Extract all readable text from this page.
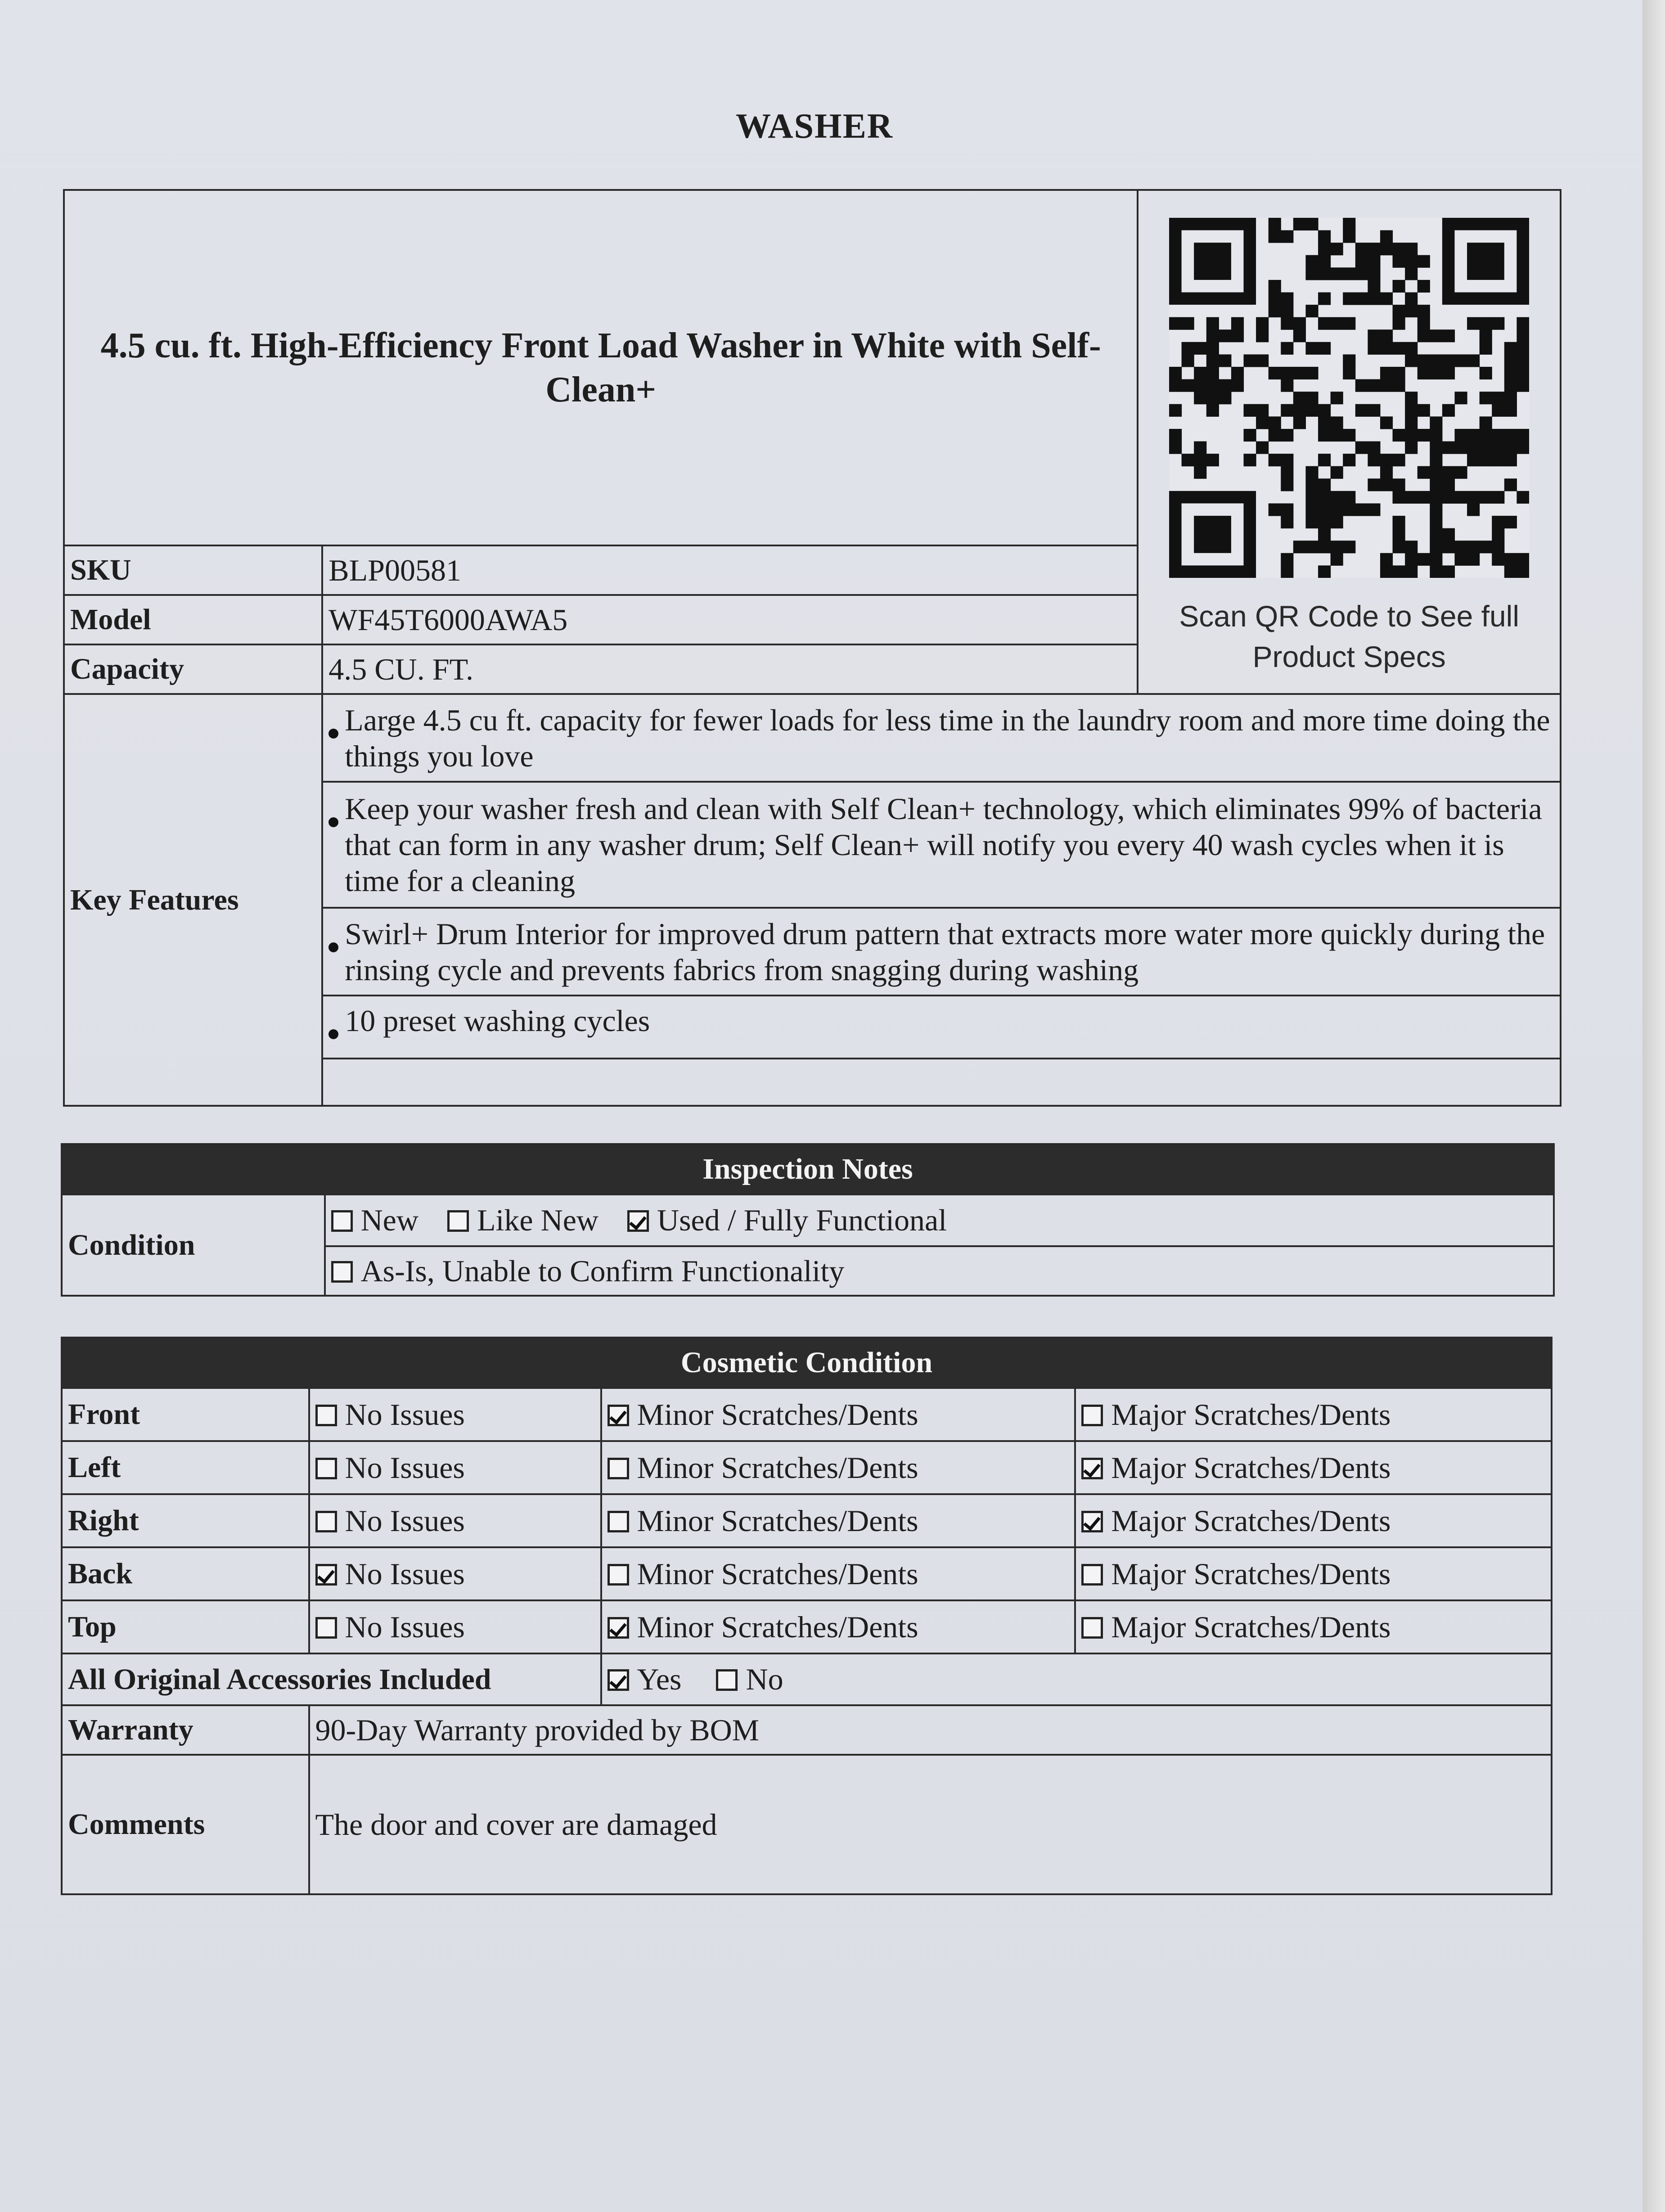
WASHER
4.5 cu. ft. High-Efficiency Front Load Washer in White with Self-Clean+		Scan QR Code to See full Product Specs

SKU	BLP00581	
Model	WF45T6000AWA5	
Capacity	4.5 CU. FT.	
Key Features	Large 4.5 cu ft. capacity for fewer loads for less time in the laundry room and more time doing the things you love	

	Keep your washer fresh and clean with Self Clean+ technology, which eliminates 99% of bacteria that can form in any washer drum; Self Clean+ will notify you every 40 wash cycles when it is time for a cleaning	

	Swirl+ Drum Interior for improved drum pattern that extracts more water more quickly during the rinsing cycle and prevents fabrics from snagging during washing	

	10 preset washing cycles	

Inspection Notes
Condition	New Like New Used / Fully Functional
As-Is, Unable to Confirm Functionality
Cosmetic Condition			
Front	No Issues	Minor Scratches/Dents	Major Scratches/Dents
Left	No Issues	Minor Scratches/Dents	Major Scratches/Dents
Right	No Issues	Minor Scratches/Dents	Major Scratches/Dents
Back	No Issues	Minor Scratches/Dents	Major Scratches/Dents
Top	No Issues	Minor Scratches/Dents	Major Scratches/Dents
All Original Accessories Included		Yes No	
Warranty	90-Day Warranty provided by BOM		
Comments	The door and cover are damaged		
